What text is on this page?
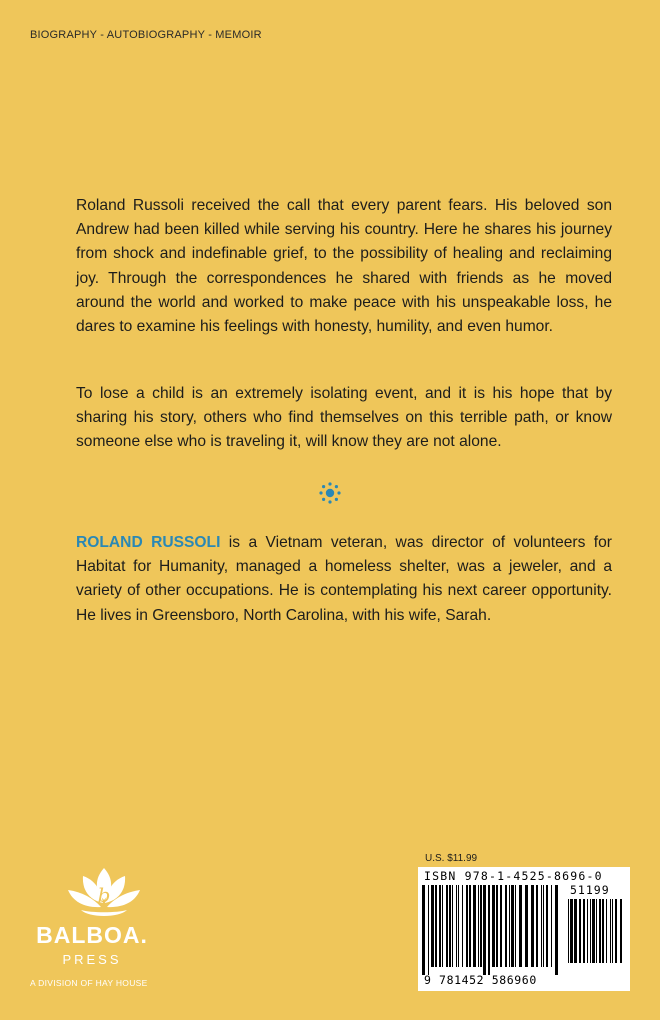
BIOGRAPHY - AUTOBIOGRAPHY - MEMOIR

Roland Russoli received the call that every parent fears. His beloved son Andrew had been killed while serving his country. Here he shares his journey from shock and indefinable grief, to the possibility of healing and reclaiming joy. Through the correspondences he shared with friends as he moved around the world and worked to make peace with his unspeakable loss, he dares to examine his feelings with honesty, humility, and even humor.

To lose a child is an extremely isolating event, and it is his hope that by sharing his story, others who find themselves on this terrible path, or know someone else who is traveling it, will know they are not alone.

ROLAND RUSSOLI is a Vietnam veteran, was director of volunteers for Habitat for Humanity, managed a homeless shelter, was a jeweler, and a variety of other occupations. He is contemplating his next career opportunity. He lives in Greensboro, North Carolina, with his wife, Sarah.

b
BALBOA.
PRESS
A DIVISION OF HAY HOUSE
U.S. $11.99
ISBN 978-1-4525-8696-0
51199
9 781452 586960
